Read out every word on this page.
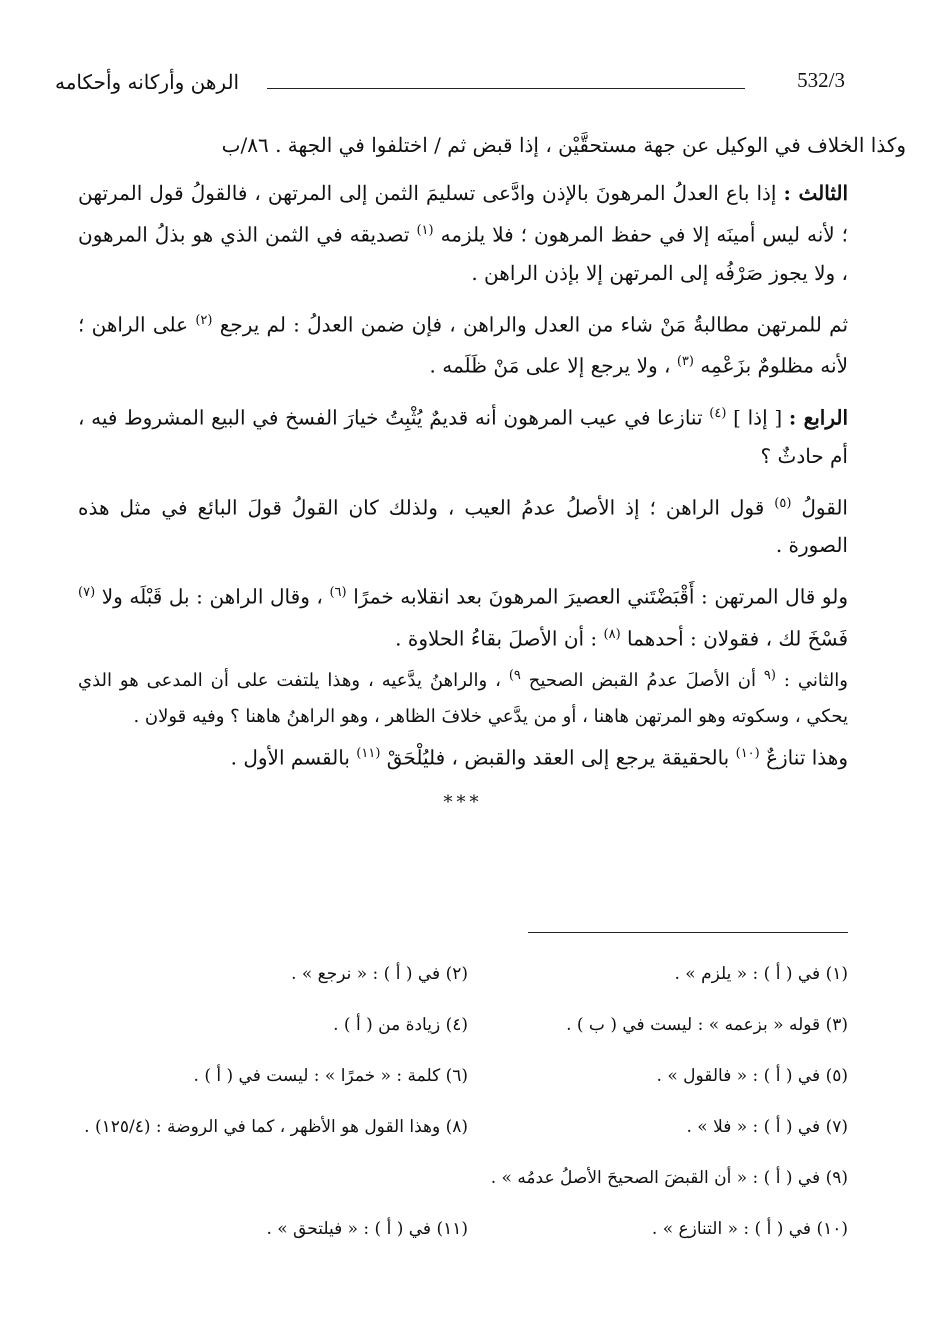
532/3
الرهن وأركانه وأحكامه

وكذا الخلاف في الوكيل عن جهة مستحقَّيْن ، إذا قبض ثم / اختلفوا في الجهة . ٨٦/ب

الثالث : إذا باع العدلُ المرهونَ بالإذن وادَّعى تسليمَ الثمن إلى المرتهن ، فالقولُ قول المرتهن ؛ لأنه ليس أمينَه إلا في حفظ المرهون ؛ فلا يلزمه $^{(١)}$ تصديقه في الثمن الذي هو بذلُ المرهون ، ولا يجوز صَرْفُه إلى المرتهن إلا بإذن الراهن .

ثم للمرتهن مطالبةُ مَنْ شاء من العدل والراهن ، فإن ضمن العدلُ : لم يرجع $^{(٢)}$ على الراهن ؛ لأنه مظلومٌ بزَعْمِه $^{(٣)}$ ، ولا يرجع إلا على مَنْ ظَلَمه .

الرابع : [ إذا ] $^{(٤)}$ تنازعا في عيب المرهون أنه قديمٌ يُثْبِتُ خيارَ الفسخ في البيع المشروط فيه ، أم حادثٌ ؟

القولُ $^{(٥)}$ قول الراهن ؛ إذ الأصلُ عدمُ العيب ، ولذلك كان القولُ قولَ البائع في مثل هذه الصورة .

ولو قال المرتهن : أَقْبَضْتَني العصيرَ المرهونَ بعد انقلابه خمرًا $^{(٦)}$ ، وقال الراهن : بل قَبْلَه ولا $^{(٧)}$ فَسْخَ لك ، فقولان : أحدهما $^{(٨)}$ : أن الأصلَ بقاءُ الحلاوة .

والثاني : $^{(٩}$ أن الأصلَ عدمُ القبض الصحيح $^{٩)}$ ، والراهنُ يدَّعيه ، وهذا يلتفت على أن المدعى هو الذي يحكي ، وسكوته وهو المرتهن هاهنا ، أو من يدَّعي خلافَ الظاهر ، وهو الراهنُ هاهنا ؟ وفيه قولان .

وهذا تنازعٌ $^{(١٠)}$ بالحقيقة يرجع إلى العقد والقبض ، فليُلْحَقْ $^{(١١)}$ بالقسم الأول .

***

(١) في ( أ ) : « يلزم » .
(٢) في ( أ ) : « نرجع » .
(٣) قوله « بزعمه » : ليست في ( ب ) .
(٤) زيادة من ( أ ) .
(٥) في ( أ ) : « فالقول » .
(٦) كلمة : « خمرًا » : ليست في ( أ ) .
(٧) في ( أ ) : « فلا » .
(٨) وهذا القول هو الأظهر ، كما في الروضة : (١٢٥/٤) .
(٩) في ( أ ) : « أن القبضَ الصحيحَ الأصلُ عدمُه » .
(١٠) في ( أ ) : « التنازع » .
(١١) في ( أ ) : « فيلتحق » .
